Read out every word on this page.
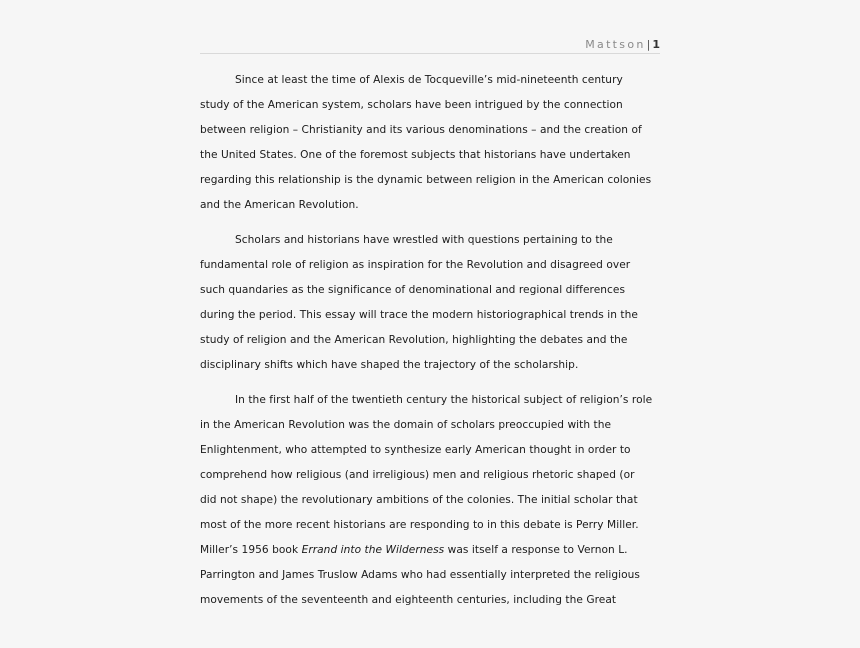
Mattson| 1
Since at least the time of Alexis de Tocqueville’s mid-nineteenth century
study of the American system, scholars have been intrigued by the connection
between religion – Christianity and its various denominations – and the creation of
the United States. One of the foremost subjects that historians have undertaken
regarding this relationship is the dynamic between religion in the American colonies
and the American Revolution.
Scholars and historians have wrestled with questions pertaining to the
fundamental role of religion as inspiration for the Revolution and disagreed over
such quandaries as the significance of denominational and regional differences
during the period. This essay will trace the modern historiographical trends in the
study of religion and the American Revolution, highlighting the debates and the
disciplinary shifts which have shaped the trajectory of the scholarship.
In the first half of the twentieth century the historical subject of religion’s role
in the American Revolution was the domain of scholars preoccupied with the
Enlightenment, who attempted to synthesize early American thought in order to
comprehend how religious (and irreligious) men and religious rhetoric shaped (or
did not shape) the revolutionary ambitions of the colonies. The initial scholar that
most of the more recent historians are responding to in this debate is Perry Miller.
Miller’s 1956 book Errand into the Wilderness was itself a response to Vernon L.
Parrington and James Truslow Adams who had essentially interpreted the religious
movements of the seventeenth and eighteenth centuries, including the Great
